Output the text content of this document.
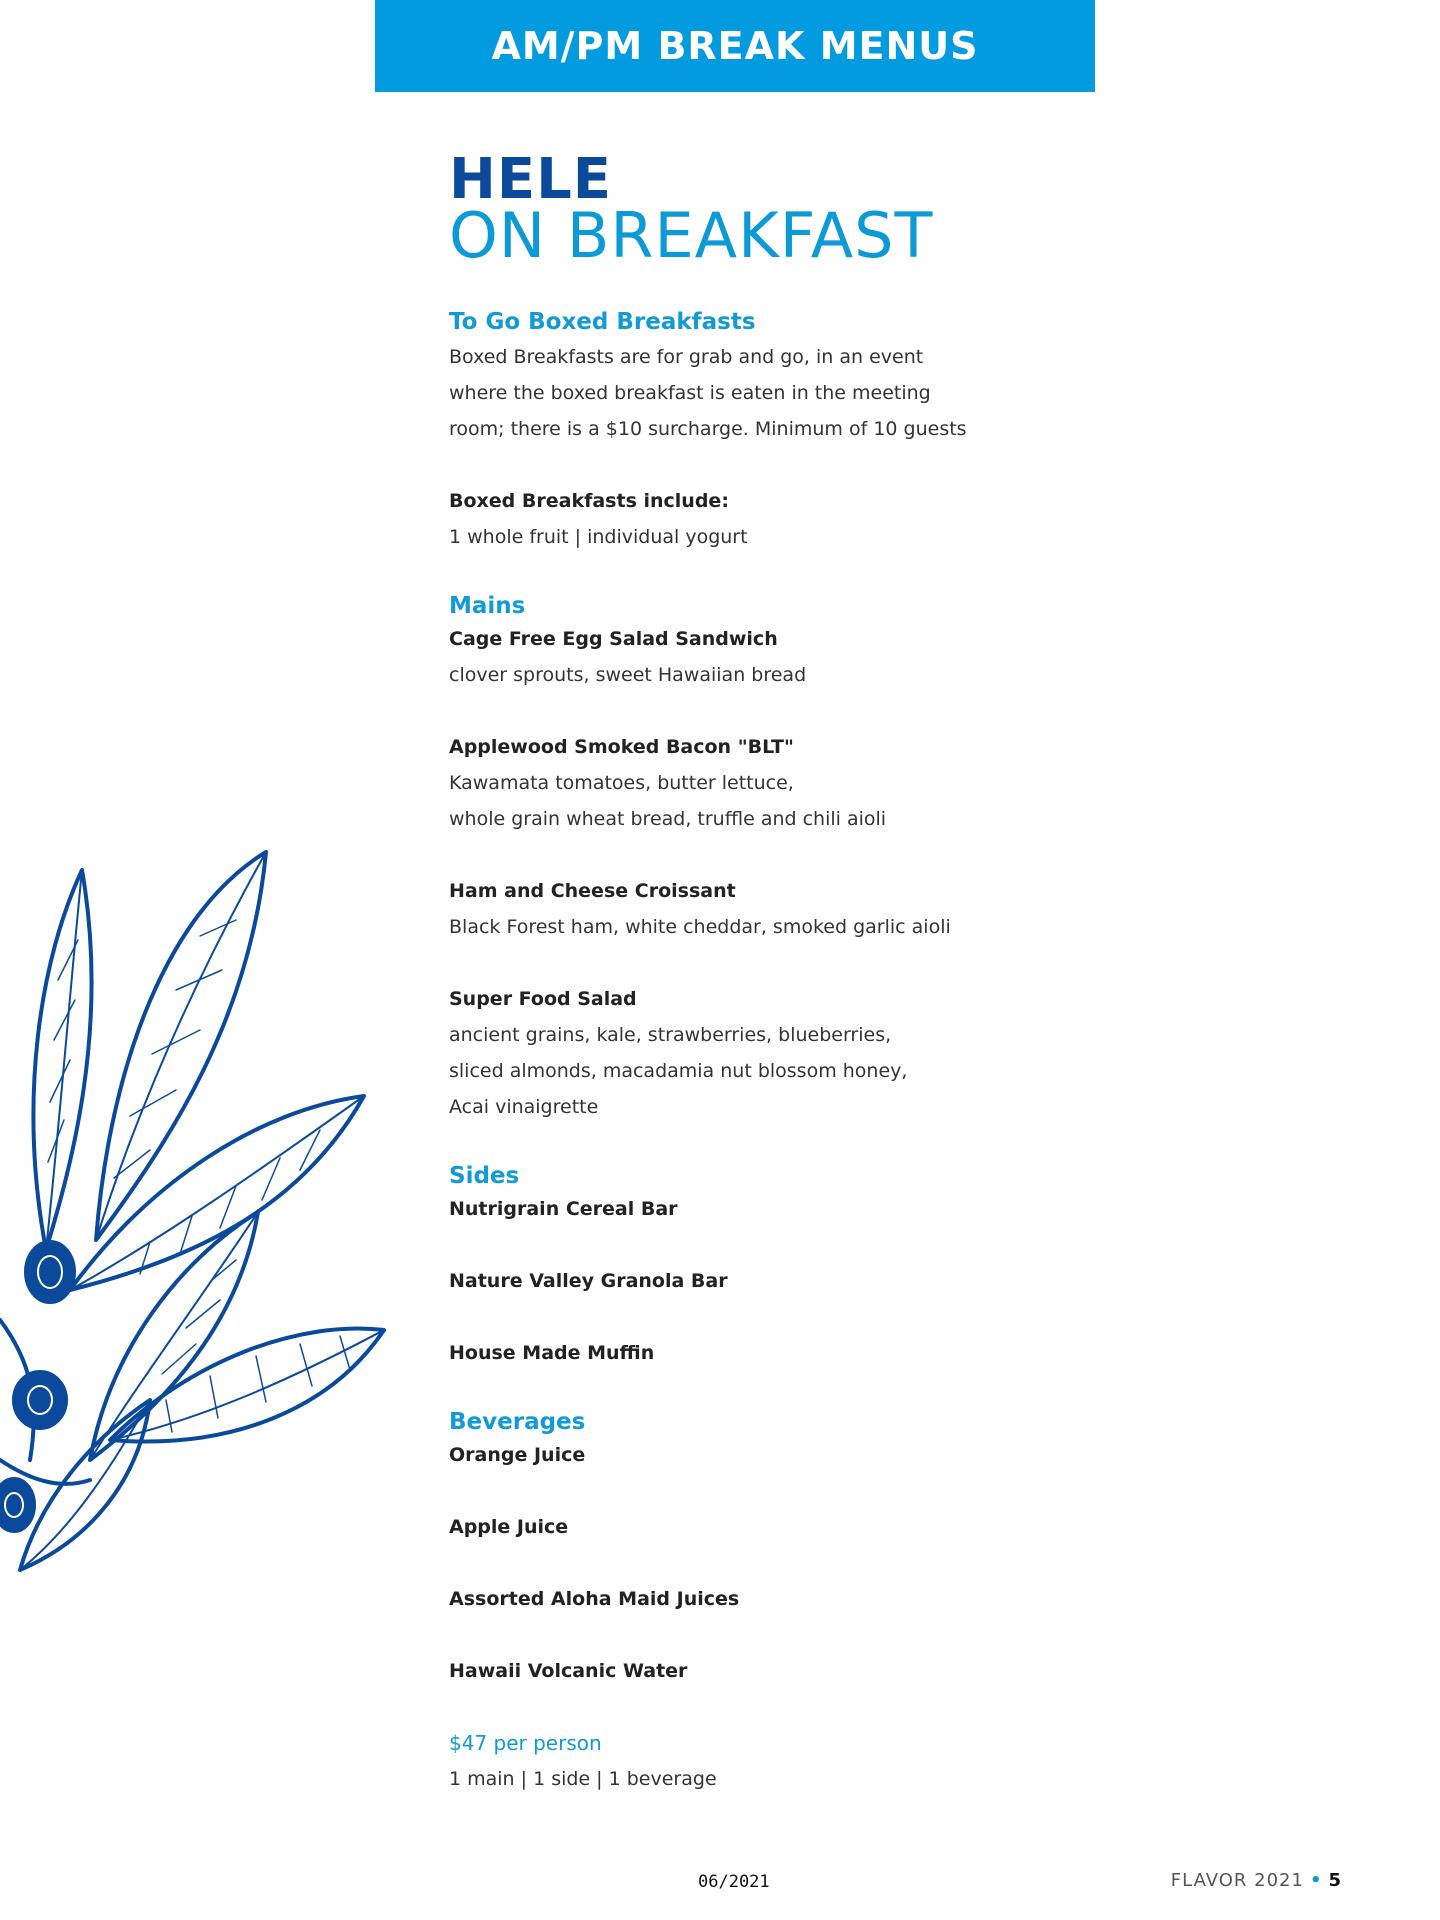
AM/PM BREAK MENUS
HELE
ON BREAKFAST
To Go Boxed Breakfasts
Boxed Breakfasts are for grab and go, in an event
where the boxed breakfast is eaten in the meeting
room; there is a $10 surcharge. Minimum of 10 guests
Boxed Breakfasts include:
1 whole fruit | individual yogurt
Mains
Cage Free Egg Salad Sandwich
clover sprouts, sweet Hawaiian bread
Applewood Smoked Bacon "BLT"
Kawamata tomatoes, butter lettuce,
whole grain wheat bread, truffle and chili aioli
Ham and Cheese Croissant
Black Forest ham, white cheddar, smoked garlic aioli
Super Food Salad
ancient grains, kale, strawberries, blueberries,
sliced almonds, macadamia nut blossom honey,
Acai vinaigrette
Sides
Nutrigrain Cereal Bar
Nature Valley Granola Bar
House Made Muffin
Beverages
Orange Juice
Apple Juice
Assorted Aloha Maid Juices
Hawaii Volcanic Water
$47 per person
1 main | 1 side | 1 beverage
06/2021	FLAVOR 2021 • 5
